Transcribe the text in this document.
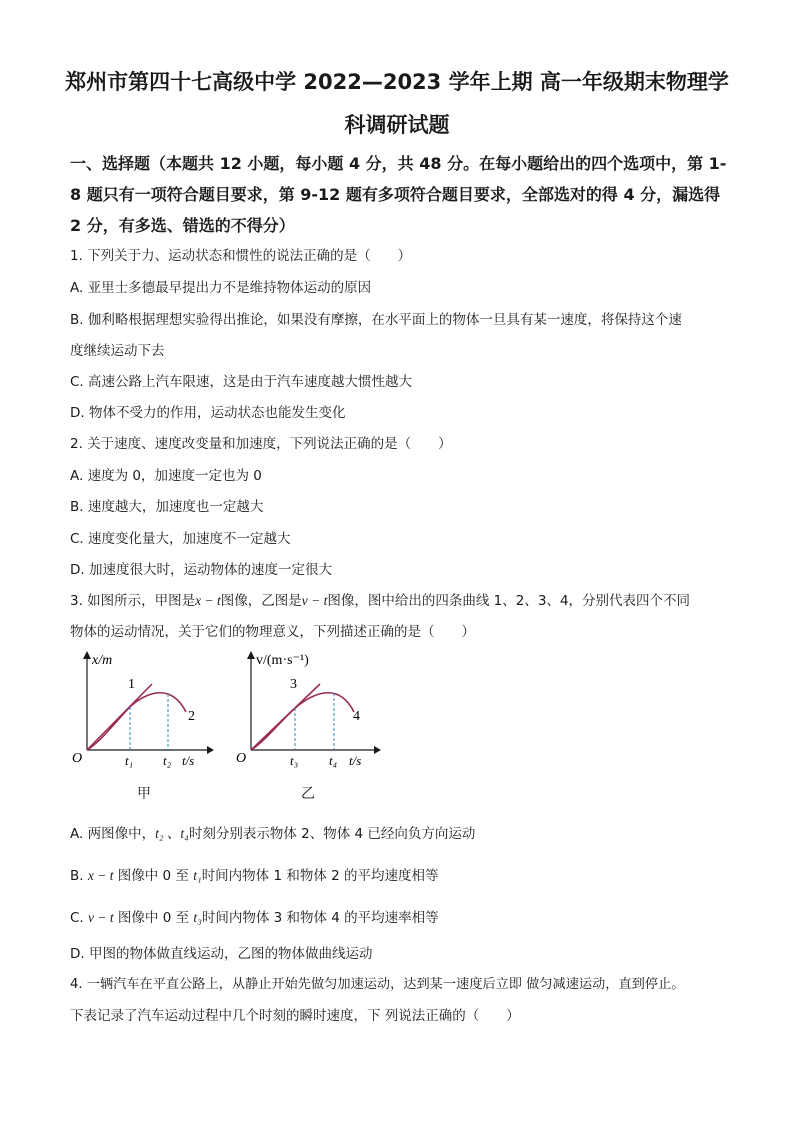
郑州市第四十七高级中学 2022—2023 学年上期 高一年级期末物理学
科调研试题
一、选择题（本题共 12 小题，每小题 4 分，共 48 分。在每小题给出的四个选项中，第 1-
8 题只有一项符合题目要求，第 9-12 题有多项符合题目要求，全部选对的得 4 分，漏选得
2 分，有多选、错选的不得分）
1. 下列关于力、运动状态和惯性的说法正确的是（　　）
A. 亚里士多德最早提出力不是维持物体运动的原因
B. 伽利略根据理想实验得出推论，如果没有摩擦，在水平面上的物体一旦具有某一速度，将保持这个速
度继续运动下去
C. 高速公路上汽车限速，这是由于汽车速度越大惯性越大
D. 物体不受力的作用，运动状态也能发生变化
2. 关于速度、速度改变量和加速度，下列说法正确的是（　　）
A. 速度为 0，加速度一定也为 0
B. 速度越大，加速度也一定越大
C. 速度变化量大，加速度不一定越大
D. 加速度很大时，运动物体的速度一定很大
3. 如图所示，甲图是x − t图像，乙图是v − t图像，图中给出的四条曲线 1、2、3、4，分别代表四个不同
物体的运动情况，关于它们的物理意义，下列描述正确的是（　　）
x/m
1
2
O	t₁ t₂ t/s
甲
v/(m·s⁻¹)
3
4
O	t₃ t₄ t/s
乙
A. 两图像中，t₂ 、t₄时刻分别表示物体 2、物体 4 已经向负方向运动
B. x − t 图像中 0 至 t₁时间内物体 1 和物体 2 的平均速度相等
C. v − t 图像中 0 至 t₃时间内物体 3 和物体 4 的平均速率相等
D. 甲图的物体做直线运动，乙图的物体做曲线运动
4. 一辆汽车在平直公路上，从静止开始先做匀加速运动，达到某一速度后立即 做匀减速运动，直到停止。
下表记录了汽车运动过程中几个时刻的瞬时速度，下 列说法正确的（　　）
